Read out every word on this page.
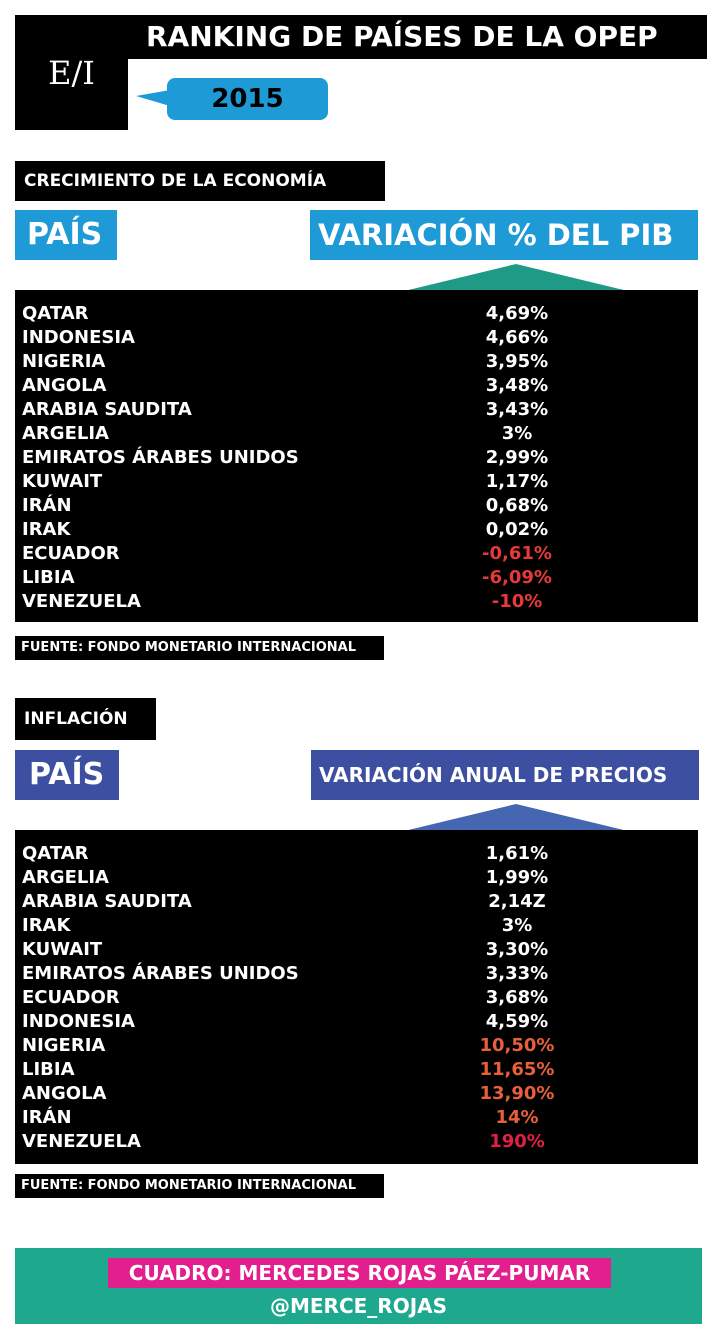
E/I
RANKING DE PAÍSES DE LA OPEP
2015
CRECIMIENTO DE LA ECONOMÍA
PAÍS	VARIACIÓN % DEL PIB
QATAR	4,69%
INDONESIA	4,66%
NIGERIA	3,95%
ANGOLA	3,48%
ARABIA SAUDITA	3,43%
ARGELIA	3%
EMIRATOS ÁRABES UNIDOS	2,99%
KUWAIT	1,17%
IRÁN	0,68%
IRAK	0,02%
ECUADOR	-0,61%
LIBIA	-6,09%
VENEZUELA	-10%
FUENTE: FONDO MONETARIO INTERNACIONAL
INFLACIÓN
PAÍS	VARIACIÓN ANUAL DE PRECIOS
QATAR	1,61%
ARGELIA	1,99%
ARABIA SAUDITA	2,14Z
IRAK	3%
KUWAIT	3,30%
EMIRATOS ÁRABES UNIDOS	3,33%
ECUADOR	3,68%
INDONESIA	4,59%
NIGERIA	10,50%
LIBIA	11,65%
ANGOLA	13,90%
IRÁN	14%
VENEZUELA	190%
FUENTE: FONDO MONETARIO INTERNACIONAL
CUADRO: MERCEDES ROJAS PÁEZ-PUMAR
@MERCE_ROJAS
